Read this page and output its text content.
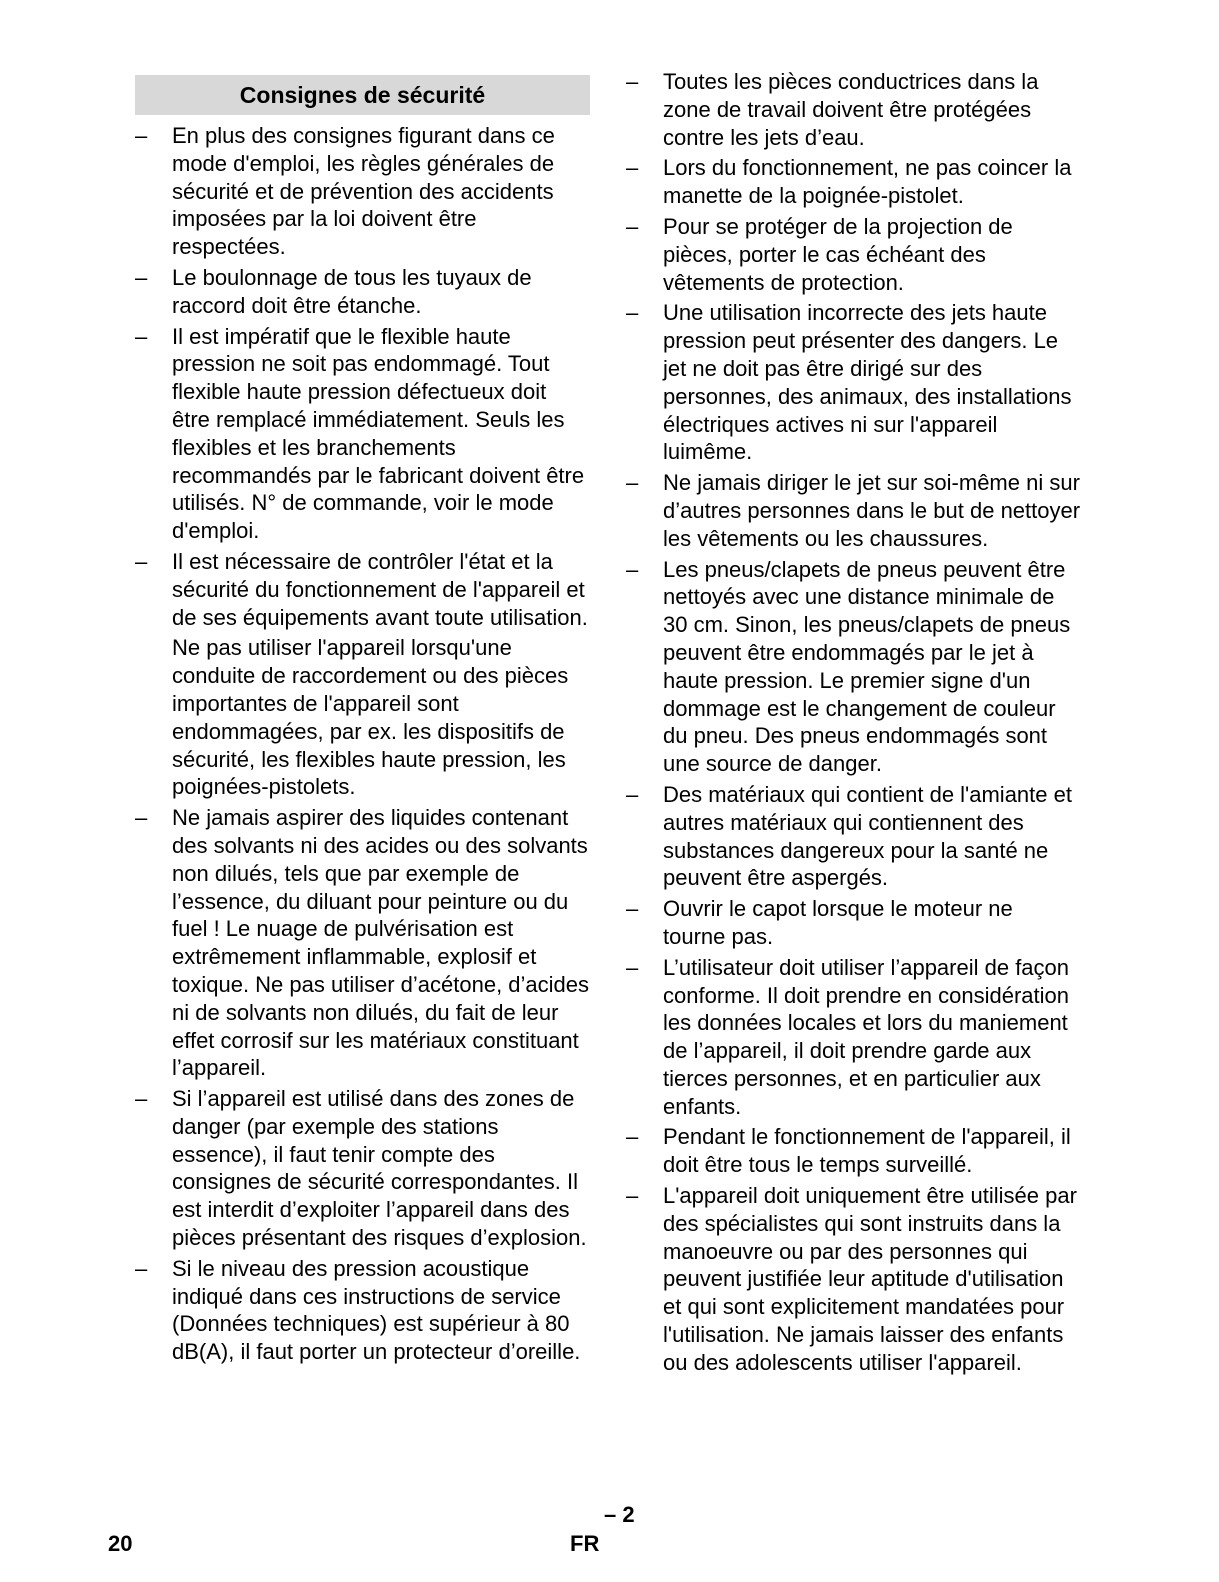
Consignes de sécurité
– En plus des consignes figurant dans ce mode d'emploi, les règles générales de sécurité et de prévention des accidents imposées par la loi doivent être respectées.
– Le boulonnage de tous les tuyaux de raccord doit être étanche.
– Il est impératif que le flexible haute pression ne soit pas endommagé. Tout flexible haute pression défectueux doit être remplacé immédiatement. Seuls les flexibles et les branchements recommandés par le fabricant doivent être utilisés. N° de commande, voir le mode d'emploi.
– Il est nécessaire de contrôler l'état et la sécurité du fonctionnement de l'appareil et de ses équipements avant toute utilisation.
Ne pas utiliser l'appareil lorsqu'une conduite de raccordement ou des pièces importantes de l'appareil sont endommagées, par ex. les dispositifs de sécurité, les flexibles haute pression, les poignées-pistolets.
– Ne jamais aspirer des liquides contenant des solvants ni des acides ou des solvants non dilués, tels que par exemple de l’essence, du diluant pour peinture ou du fuel ! Le nuage de pulvérisation est extrêmement inflammable, explosif et toxique. Ne pas utiliser d’acétone, d’acides ni de solvants non dilués, du fait de leur effet corrosif sur les matériaux constituant l’appareil.
– Si l’appareil est utilisé dans des zones de danger (par exemple des stations essence), il faut tenir compte des consignes de sécurité correspondantes. Il est interdit d’exploiter l’appareil dans des pièces présentant des risques d’explosion.
– Si le niveau des pression acoustique indiqué dans ces instructions de service (Données techniques) est supérieur à 80 dB(A), il faut porter un protecteur d’oreille.
– Toutes les pièces conductrices dans la zone de travail doivent être protégées contre les jets d’eau.
– Lors du fonctionnement, ne pas coincer la manette de la poignée-pistolet.
– Pour se protéger de la projection de pièces, porter le cas échéant des vêtements de protection.
– Une utilisation incorrecte des jets haute pression peut présenter des dangers. Le jet ne doit pas être dirigé sur des personnes, des animaux, des installations électriques actives ni sur l'appareil luimême.
– Ne jamais diriger le jet sur soi-même ni sur d’autres personnes dans le but de nettoyer les vêtements ou les chaussures.
– Les pneus/clapets de pneus peuvent être nettoyés avec une distance minimale de 30 cm. Sinon, les pneus/clapets de pneus peuvent être endommagés par le jet à haute pression. Le premier signe d'un dommage est le changement de couleur du pneu. Des pneus endommagés sont une source de danger.
– Des matériaux qui contient de l'amiante et autres matériaux qui contiennent des substances dangereux pour la santé ne peuvent être aspergés.
– Ouvrir le capot lorsque le moteur ne tourne pas.
– L’utilisateur doit utiliser l’appareil de façon conforme. Il doit prendre en considération les données locales et lors du maniement de l’appareil, il doit prendre garde aux tierces personnes, et en particulier aux enfants.
– Pendant le fonctionnement de l'appareil, il doit être tous le temps surveillé.
– L'appareil doit uniquement être utilisée par des spécialistes qui sont instruits dans la manoeuvre ou par des personnes qui peuvent justifiée leur aptitude d'utilisation et qui sont explicitement mandatées pour l'utilisation. Ne jamais laisser des enfants ou des adolescents utiliser l'appareil.
20	FR
– 2
